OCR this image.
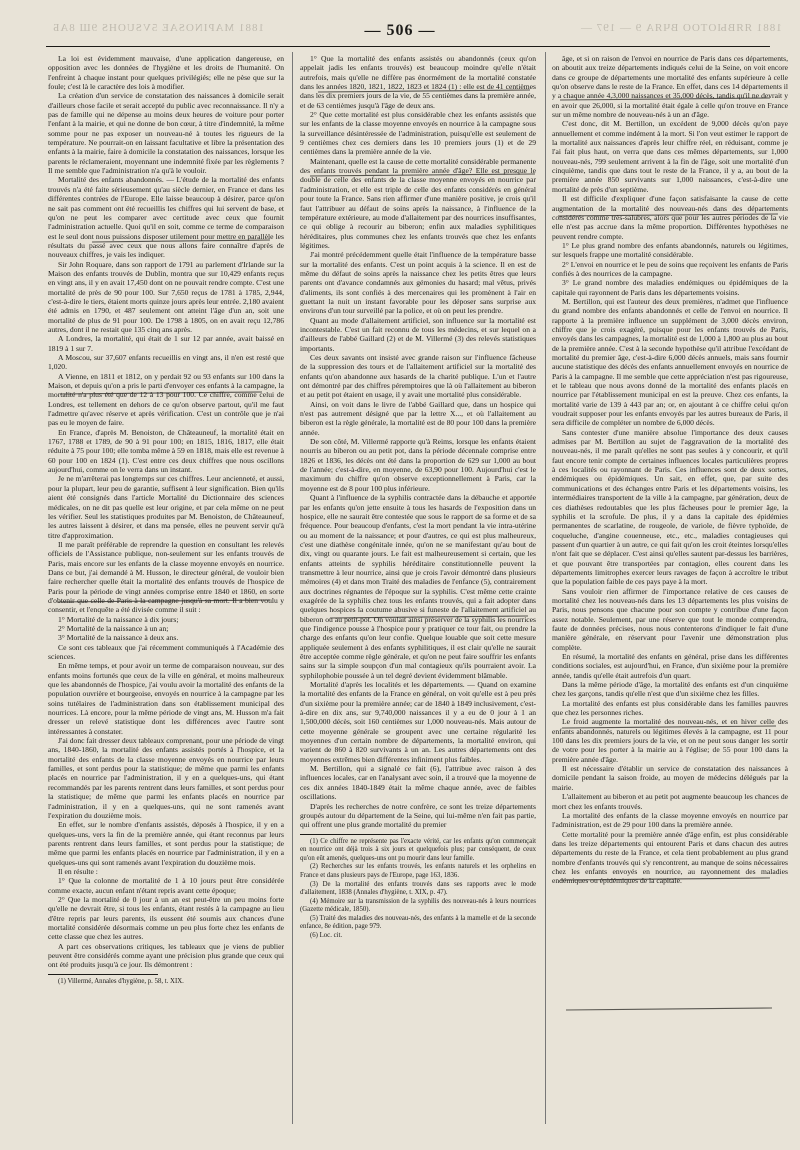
1881 MAPINOSAE 5VSUOHS 9Ш 8АБ	1881 ЯЯВЫОТОО ВЧЯА 9 — 197 —
— 506 —

La loi est évidemment mauvaise, d'une application dangereuse, en opposition avec les données de l'hygiène et les droits de l'humanité. On l'enfreint à chaque instant pour quelques privilégiés; elle ne pèse que sur la foule; c'est là le caractère des lois à modifier.

La création d'un service de constatation des naissances à domicile serait d'ailleurs chose facile et serait accepté du public avec reconnaissance. Il n'y a pas de famille qui ne dépense au moins deux heures de voiture pour porter l'enfant à la mairie, et qui ne donne de bon cœur, à titre d'indemnité, la même somme pour ne pas exposer un nouveau-né à toutes les rigueurs de la température. Ne pourrait-on en laissant facultative et libre la présentation des enfants à la mairie, faire à domicile la constatation des naissances, lorsque les parents le réclameraient, moyennant une indemnité fixée par les règlements ? Il me semble que l'administration n'a qu'à le vouloir.

Mortalité des enfants abandonnés. — L'étude de la mortalité des enfants trouvés n'a été faite sérieusement qu'au siècle dernier, en France et dans les différentes contrées de l'Europe. Elle laisse beaucoup à désirer, parce qu'on ne sait pas comment ont été recueillis les chiffres qui lui servent de base, et qu'on ne peut les comparer avec certitude avec ceux que fournit l'administration actuelle. Quoi qu'il en soit, comme ce terme de comparaison est le seul dont nous puissions disposer utilement pour mettre en parallèle les résultats du passé avec ceux que nous allons faire connaître d'après de nouveaux chiffres, je vais les indiquer.

Sir John Roquare, dans son rapport de 1791 au parlement d'Irlande sur la Maison des enfants trouvés de Dublin, montra que sur 10,429 enfants reçus en vingt ans, il y en avait 17,450 dont on ne pouvait rendre compte. C'est une mortalité de près de 90 pour 100. Sur 7,650 reçus de 1781 à 1785, 2,944, c'est-à-dire le tiers, étaient morts quinze jours après leur entrée. 2,180 avaient été admis en 1790, et 487 seulement ont atteint l'âge d'un an, soit une mortalité de plus de 91 pour 100. De 1798 à 1805, on en avait reçu 12,786 autres, dont il ne restait que 135 cinq ans après.

A Londres, la mortalité, qui était de 1 sur 12 par année, avait baissé en 1819 à 1 sur 7.

A Moscou, sur 37,607 enfants recueillis en vingt ans, il n'en est resté que 1,020.

A Vienne, en 1811 et 1812, on y perdait 92 ou 93 enfants sur 100 dans la Maison, et depuis qu'on a pris le parti d'envoyer ces enfants à la campagne, la mortalité n'a plus été que de 12 à 13 pour 100. Ce chiffre, comme celui de Londres, est tellement en dehors de ce qu'on observe partout, qu'il me faut l'admettre qu'avec réserve et après vérification. C'est un contrôle que je n'ai pas eu le moyen de faire.

En France, d'après M. Benoiston, de Châteauneuf, la mortalité était en 1767, 1788 et 1789, de 90 à 91 pour 100; en 1815, 1816, 1817, elle était réduite à 75 pour 100; elle tomba même à 59 en 1818, mais elle est revenue à 60 pour 100 en 1824 (1). C'est entre ces deux chiffres que nous oscillons aujourd'hui, comme on le verra dans un instant.

Je ne m'arrêterai pas longtemps sur ces chiffres. Leur ancienneté, et aussi, pour la plupart, leur peu de garantie, suffisent à leur signification. Bien qu'ils aient été consignés dans l'article Mortalité du Dictionnaire des sciences médicales, on ne dit pas quelle est leur origine, et par cela même on ne peut les vérifier. Seul les statistiques produites par M. Benoiston, de Châteauneuf, les autres laissent à désirer, et dans ma pensée, elles ne peuvent servir qu'à titre d'approximation.

Il me paraît préférable de reprendre la question en consultant les relevés officiels de l'Assistance publique, non-seulement sur les enfants trouvés de Paris, mais encore sur les enfants de la classe moyenne envoyés en nourrice. Dans ce but, j'ai demandé à M. Husson, le directeur général, de vouloir bien faire rechercher quelle était la mortalité des enfants trouvés de l'hospice de Paris pour la période de vingt années comprise entre 1840 et 1860, en sorte d'obtenir que celle de Paris à la campagne jusqu'à sa mort. Il a bien voulu y consentir, et l'enquête a été divisée comme il suit :

1° Mortalité de la naissance à dix jours;

2° Mortalité de la naissance à un an;

3° Mortalité de la naissance à deux ans.

Ce sont ces tableaux que j'ai récemment communiqués à l'Académie des sciences.

En même temps, et pour avoir un terme de comparaison nouveau, sur des enfants moins fortunés que ceux de la ville en général, et moins malheureux que les abandonnés de l'hospice, j'ai voulu avoir la mortalité des enfants de la population ouvrière et bourgeoise, envoyés en nourrice à la campagne par les soins tutélaires de l'administration dans son établissement municipal des nourrices. Là encore, pour la même période de vingt ans, M. Husson m'a fait dresser un relevé statistique dont les différences avec l'autre sont intéressantes à constater.

J'ai donc fait dresser deux tableaux comprenant, pour une période de vingt ans, 1840-1860, la mortalité des enfants assistés portés à l'hospice, et la mortalité des enfants de la classe moyenne envoyés en nourrice par leurs familles, et sont perdus pour la statistique; de même que parmi les enfants placés en nourrice par l'administration, il y en a quelques-uns, qui étant recommandés par les parents rentrent dans leurs familles, et sont perdus pour la statistique; de même que parmi les enfants placés en nourrice par l'administration, il y en a quelques-uns, qui ne sont ramenés avant l'expiration du douzième mois.

En effet, sur le nombre d'enfants assistés, déposés à l'hospice, il y en a quelques-uns, vers la fin de la première année, qui étant reconnus par leurs parents rentrent dans leurs familles, et sont perdus pour la statistique; de même que parmi les enfants placés en nourrice par l'administration, il y en a quelques-uns qui sont ramenés avant l'expiration du douzième mois.

Il en résulte :

1° Que la colonne de mortalité de 1 à 10 jours peut être considérée comme exacte, aucun enfant n'étant repris avant cette époque;

2° Que la mortalité de 0 jour à un an est peut-être un peu moins forte qu'elle ne devrait être, si tous les enfants, étant restés à la campagne au lieu d'être repris par leurs parents, ils eussent été soumis aux chances d'une mortalité considérée désormais comme un peu plus forte chez les enfants de cette classe que chez les autres.

A part ces observations critiques, les tableaux que je viens de publier peuvent être considérés comme ayant une précision plus grande que ceux qui ont été produits jusqu'à ce jour. Ils démontrent :

(1) Villermé, Annales d'hygiène, p. 58, t. XIX.

1° Que la mortalité des enfants assistés ou abandonnés (ceux qu'on appelait jadis les enfants trouvés) est beaucoup moindre qu'elle n'était autrefois, mais qu'elle ne diffère pas énormément de la mortalité constatée dans les années 1820, 1821, 1822, 1823 et 1824 (1) : elle est de 41 centièmes dans les dix premiers jours de la vie, de 55 centièmes dans la première année, et de 63 centièmes jusqu'à l'âge de deux ans.

2° Que cette mortalité est plus considérable chez les enfants assistés que sur les enfants de la classe moyenne envoyés en nourrice à la campagne sous la surveillance désintéressée de l'administration, puisqu'elle est seulement de 9 centièmes chez ces derniers dans les 10 premiers jours (1) et de 29 centièmes dans la première année de la vie.

Maintenant, quelle est la cause de cette mortalité considérable permanente des enfants trouvés pendant la première année d'âge? Elle est presque le double de celle des enfants de la classe moyenne envoyés en nourrice par l'administration, et elle est triple de celle des enfants considérés en général pour toute la France. Sans rien affirmer d'une manière positive, je crois qu'il faut l'attribuer au défaut de soins après la naissance, à l'influence de la température extérieure, au mode d'allaitement par des nourrices insuffisantes, ce qui oblige à recourir au biberon; enfin aux maladies syphilitiques héréditaires, plus communes chez les enfants trouvés que chez les enfants légitimes.

J'ai montré précédemment quelle était l'influence de la température basse sur la mortalité des enfants. C'est un point acquis à la science. Il en est de même du défaut de soins après la naissance chez les petits êtres que leurs parents ont d'avance condamnés aux gémonies du hasard; mal vêtus, privés d'aliments, ils sont confiés à des mercenaires qui les promènent à l'air en guettant la nuit un instant favorable pour les déposer sans surprise aux environs d'un tour surveillé par la police, et où on peut les prendre.

Quant au mode d'allaitement artificiel, son influence sur la mortalité est incontestable. C'est un fait reconnu de tous les médecins, et sur lequel on a d'ailleurs de l'abbé Gaillard (2) et de M. Villermé (3) des relevés statistiques importants.

Ces deux savants ont insisté avec grande raison sur l'influence fâcheuse de la suppression des tours et de l'allaitement artificiel sur la mortalité des enfants qu'on abandonne aux hasards de la charité publique. L'un et l'autre ont démontré par des chiffres péremptoires que là où l'allaitement au biberon et au petit pot étaient en usage, il y avait une mortalité plus considérable.

Ainsi, on voit dans le livre de l'abbé Gaillard que, dans un hospice qui n'est pas autrement désigné que par la lettre X..., et où l'allaitement au biberon est la règle générale, la mortalité est de 80 pour 100 dans la première année.

De son côté, M. Villermé rapporte qu'à Reims, lorsque les enfants étaient nourris au biberon ou au petit pot, dans la période décennale comprise entre 1826 et 1836, les décès ont été dans la proportion de 629 sur 1,000 au bout de l'année; c'est-à-dire, en moyenne, de 63,90 pour 100. Aujourd'hui c'est le maximum du chiffre qu'on observe exceptionnellement à Paris, car la moyenne est de 8 pour 100 plus inférieure.

Quant à l'influence de la syphilis contractée dans la débauche et apportée par les enfants qu'on jette ensuite à tous les hasards de l'exposition dans un hospice, elle ne saurait être contestée que sous le rapport de sa forme et de sa fréquence. Pour beaucoup d'enfants, c'est la mort pendant la vie intra-utérine ou au moment de la naissance; et pour d'autres, ce qui est plus malheureux, c'est une diathèse congénitale innée, qu'on ne se manifestant qu'au bout de dix, vingt ou quarante jours. Le fait est malheureusement si certain, que les enfants atteints de syphilis héréditaire constitutionnelle peuvent la transmettre à leur nourrice, ainsi que je crois l'avoir démontré dans plusieurs mémoires (4) et dans mon Traité des maladies de l'enfance (5), contrairement aux doctrines régnantes de l'époque sur la syphilis. C'est même cette crainte exagérée de la syphilis chez tous les enfants trouvés, qui a fait adopter dans quelques hospices la coutume abusive si funeste de l'allaitement artificiel au biberon ou au petit-pot. On voulait ainsi préserver de la syphilis les nourrices que l'indigence pousse à l'hospice pour y pratiquer ce tour fait, ou prendre la charge des enfants qu'on leur confie. Quelque louable que soit cette mesure appliquée seulement à des enfants syphilitiques, il est clair qu'elle ne saurait être acceptée comme règle générale, et qu'on ne peut faire souffrir les enfants sains sur la simple soupçon d'un mal contagieux qu'ils pourraient avoir. La syphilophobie poussée à un tel degré devient évidemment blâmable.

Mortalité d'après les localités et les départements. — Quand on examine la mortalité des enfants de la France en général, on voit qu'elle est à peu près d'un sixième pour la première année; car de 1840 à 1849 inclusivement, c'est-à-dire en dix ans, sur 9,740,000 naissances il y a eu de 0 jour à 1 an 1,500,000 décès, soit 160 centièmes sur 1,000 nouveau-nés. Mais autour de cette moyenne générale se groupent avec une certaine régularité les moyennes d'un certain nombre de départements, la mortalité environ, qui varient de 860 à 820 survivants à un an. Les autres départements ont des moyennes extrêmes bien différentes infiniment plus faibles.

M. Bertillon, qui a signalé ce fait (6), l'attribue avec raison à des influences locales, car en l'analysant avec soin, il a trouvé que la moyenne de ces dix années 1840-1849 était la même chaque année, avec de faibles oscillations.

D'après les recherches de notre confrère, ce sont les treize départements groupés autour du département de la Seine, qui lui-même n'en fait pas partie, qui offrent une plus grande mortalité du premier

(1) Ce chiffre ne représente pas l'exacte vérité, car les enfants qu'on commençait en nourrice ont déjà trois à six jours et quelquefois plus; par conséquent, de ceux qu'on eût amenés, quelques-uns ont pu mourir dans leur famille.

(2) Recherches sur les enfants trouvés, les enfants naturels et les orphelins en France et dans plusieurs pays de l'Europe, page 163, 1836.

(3) De la mortalité des enfants trouvés dans ses rapports avec le mode d'allaitement, 1838 (Annales d'hygiène, t. XIX, p. 47).

(4) Mémoire sur la transmission de la syphilis des nouveau-nés à leurs nourrices (Gazette médicale, 1850).

(5) Traité des maladies des nouveau-nés, des enfants à la mamelle et de la seconde enfance, 8e édition, page 979.

(6) Loc. cit.

âge, et si on raison de l'envoi en nourrice de Paris dans ces départements, on aboutit aux treize départements indiqués celui de la Seine, on voit encore dans ce groupe de départements une mortalité des enfants supérieure à celle qu'on observe dans le reste de la France. En effet, dans ces 14 départements il y a chaque année 4,3,000 naissances et 35,000 décès, tandis qu'il ne devrait y en avoir que 26,000, si la mortalité était égale à celle qu'on trouve en France sur un même nombre de nouveau-nés à un an d'âge.

C'est donc, dit M. Bertillon, un excédent de 9,000 décès qu'on paye annuellement et comme indément à la mort. Si l'on veut estimer le rapport de la mortalité aux naissances d'après leur chiffre réel, en réduisant, comme je l'ai fait plus haut, on verra que dans ces mêmes départements, sur 1,000 nouveau-nés, 799 seulement arrivent à la fin de l'âge, soit une mortalité d'un cinquième, tandis que dans tout le reste de la France, il y a, au bout de la première année 850 survivants sur 1,000 naissances, c'est-à-dire une mortalité de près d'un septième.

Il est difficile d'expliquer d'une façon satisfaisante la cause de cette augmentation de la mortalité des nouveau-nés dans des départements considérés comme très-salubres, alors que pour les autres périodes de la vie elle n'est pas accrue dans la même proportion. Différentes hypothèses ne peuvent rendre compte.

1° Le plus grand nombre des enfants abandonnés, naturels ou légitimes, sur lesquels frappe une mortalité considérable.

2° L'envoi en nourrice et le peu de soins que reçoivent les enfants de Paris confiés à des nourrices de la campagne.

3° Le grand nombre des maladies endémiques ou épidémiques de la capitale qui rayonnent de Paris dans les départements voisins.

M. Bertillon, qui est l'auteur des deux premières, n'admet que l'influence du grand nombre des enfants abandonnés et celle de l'envoi en nourrice. Il rapporte à la première influence un supplément de 3,000 décès environ, chiffre que je crois exagéré, puisque pour les enfants trouvés de Paris, envoyés dans les campagnes, la mortalité est de 1,000 à 1,800 au plus au bout de la première année. C'est à la seconde hypothèse qu'il attribue l'excédant de mortalité du premier âge, c'est-à-dire 6,000 décès annuels, mais sans fournir aucune statistique des décès des enfants annuellement envoyés en nourrice de Paris à la campagne. Il me semble que cette appréciation n'est pas rigoureuse, et le tableau que nous avons donné de la mortalité des enfants placés en nourrice par l'établissement municipal en est la preuve. Chez ces enfants, la mortalité varie de 139 à 443 par an; or, en ajoutant à ce chiffre celui qu'on voudrait supposer pour les enfants envoyés par les autres bureaux de Paris, il sera difficile de compléter un nombre de 6,000 décès.

Sans contester d'une manière absolue l'importance des deux causes admises par M. Bertillon au sujet de l'aggravation de la mortalité des nouveau-nés, il me paraît qu'elles ne sont pas seules à y concourir, et qu'il faut encore tenir compte de certaines influences locales particulières propres à ces localités ou rayonnant de Paris. Ces influences sont de deux sortes, endémiques ou épidémiques. Un sait, en effet, que, par suite des communications et des échanges entre Paris et les départements voisins, les intermédiaires transportent de la ville à la campagne, par génération, deux de ces diathèses redoutables que les plus fâcheuses pour le premier âge, la syphilis et la scrofule. De plus, il y a dans la capitale des épidémies permanentes de scarlatine, de rougeole, de variole, de fièvre typhoïde, de coqueluche, d'angine couenneuse, etc., etc., maladies contagieuses qui passent d'un quartier à un autre, ce qui fait qu'on les croit éteintes lorsqu'elles n'ont fait que se déplacer. C'est ainsi qu'elles sautent par-dessus les barrières, et que pouvant être transportées par contagion, elles courent dans les départements limitrophes exercer leurs ravages de façon à accroître le tribut que la population faible de ces pays paye à la mort.

Sans vouloir rien affirmer de l'importance relative de ces causes de mortalité chez les nouveau-nés dans les 13 départements les plus voisins de Paris, nous pensons que chacune pour son compte y contribue d'une façon assez notable. Seulement, par une réserve que tout le monde comprendra, faute de données précises, nous nous contenterons d'indiquer le fait d'une manière générale, en réservant pour l'avenir une démonstration plus complète.

En résumé, la mortalité des enfants en général, prise dans les différentes conditions sociales, est aujourd'hui, en France, d'un sixième pour la première année, tandis qu'elle était autrefois d'un quart.

Dans la même période d'âge, la mortalité des enfants est d'un cinquième chez les garçons, tandis qu'elle n'est que d'un sixième chez les filles.

La mortalité des enfants est plus considérable dans les familles pauvres que chez les personnes riches.

Le froid augmente la mortalité des nouveau-nés, et en hiver celle des enfants abandonnés, naturels ou légitimes élevés à la campagne, est 11 pour 100 dans les dix premiers jours de la vie, et on ne peut sous danger les sortir de votre pour les porter à la mairie au à l'église; de 55 pour 100 dans la première année d'âge.

Il est nécessaire d'établir un service de constatation des naissances à domicile pendant la saison froide, au moyen de médecins délégués par la mairie.

L'allaitement au biberon et au petit pot augmente beaucoup les chances de mort chez les enfants trouvés.

La mortalité des enfants de la classe moyenne envoyés en nourrice par l'administration, est de 29 pour 100 dans la première année.

Cette mortalité pour la première année d'âge enfin, est plus considérable dans les treize départements qui entourent Paris et dans chacun des autres départements du reste de la France, et cela tient probablement au plus grand nombre d'enfants trouvés qui s'y rencontrent, au manque de soins nécessaires chez les enfants envoyés en nourrice, au rayonnement des maladies endémiques ou épidémiques de la capitale.
